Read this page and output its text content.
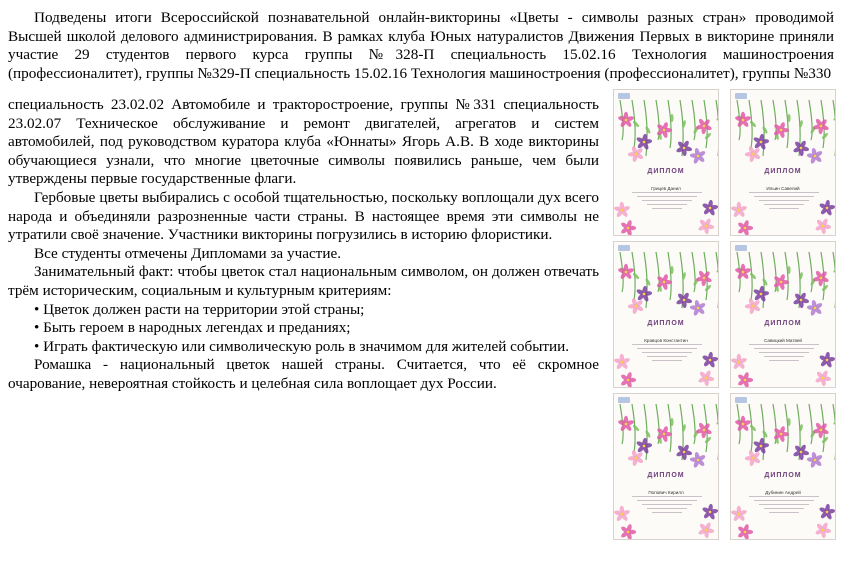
Подведены итоги Всероссийской познавательной онлайн-викторины «Цветы - символы разных стран» проводимой Высшей школой делового администрирования. В рамках клуба Юных натуралистов Движения Первых в викторине приняли участие 29 студентов первого курса группы №328-П специальность 15.02.16 Технология машиностроения (профессионалитет), группы №329-П специальность 15.02.16 Технология машиностроения (профессионалитет), группы №330

специальность 23.02.02 Автомобиле и тракторостроение, группы №331 специальность 23.02.07 Техническое обслуживание и ремонт двигателей, агрегатов и систем автомобилей, под руководством куратора клуба «Юннаты» Ягорь А.В. В ходе викторины обучающиеся узнали, что многие цветочные символы появились раньше, чем были утверждены первые государственные флаги.

Гербовые цветы выбирались с особой тщательностью, поскольку воплощали дух всего народа и объединяли разрозненные части страны. В настоящее время эти символы не утратили своё значение. Участники викторины погрузились в историю флористики.

Все студенты отмечены Дипломами за участие.

Занимательный факт: чтобы цветок стал национальным символом, он должен отвечать трём историческим, социальным и культурным критериям:

• Цветок должен расти на территории этой страны;

• Быть героем в народных легендах и преданиях;

• Играть фактическую или символическую роль в значимом для жителей событии.

Ромашка - национальный цветок нашей страны. Считается, что её скромное очарование, невероятная стойкость и целебная сила воплощает дух России.

ДИПЛОМ
Грицев Данил
ДИПЛОМ
Ильин Савелий
ДИПЛОМ
Кравцов Константин
ДИПЛОМ
Савицкий Матвей
ДИПЛОМ
Попович Кирилл
ДИПЛОМ
Дубинин Андрей
